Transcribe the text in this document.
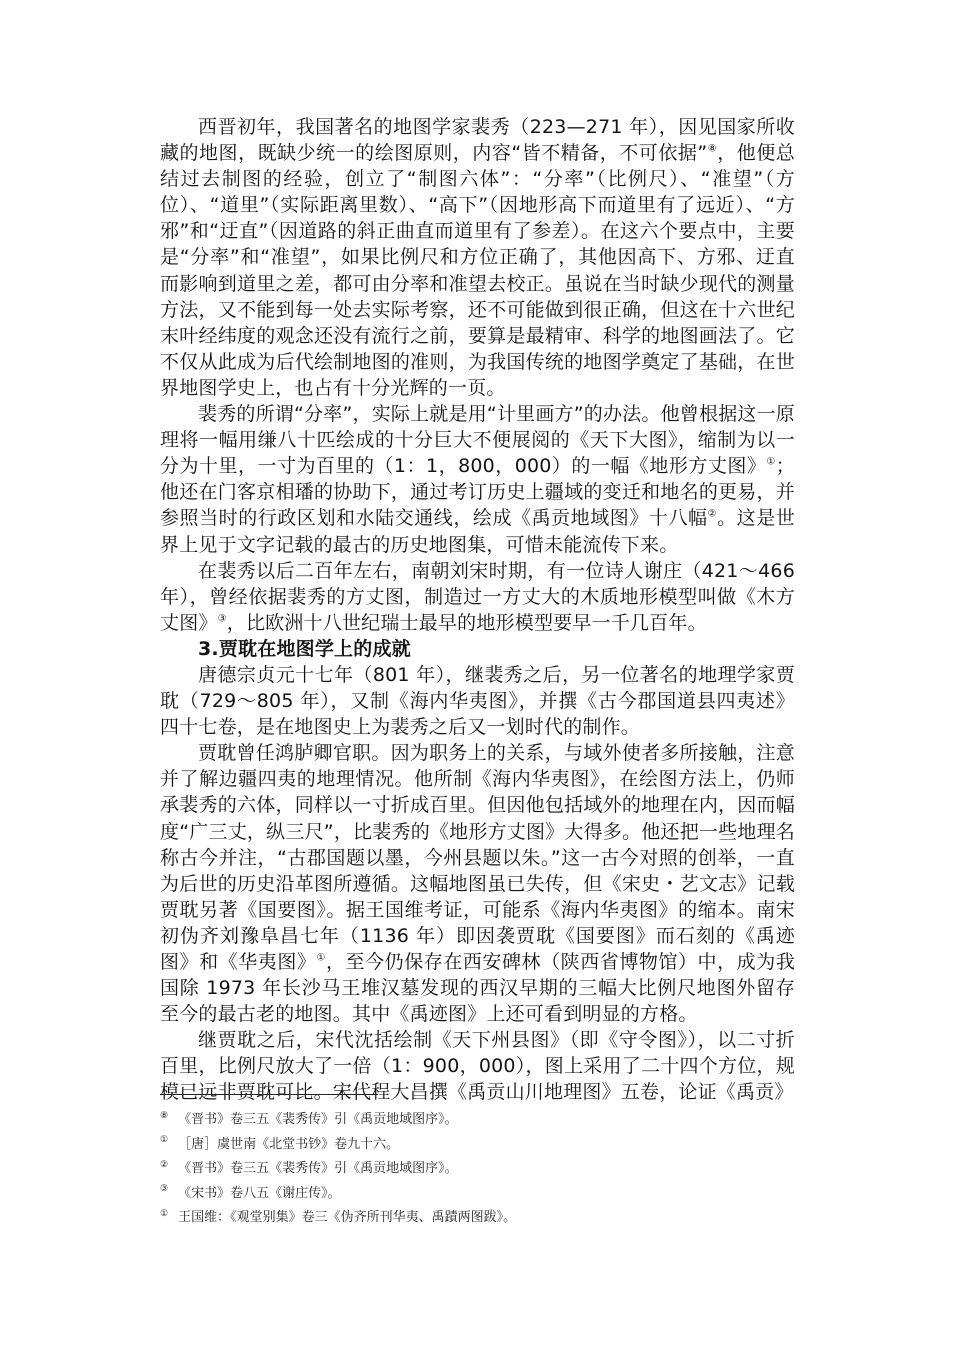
西晋初年，我国著名的地图学家裴秀（223—271 年），因见国家所收藏的地图，既缺少统一的绘图原则，内容“皆不精备，不可依据”⑧，他便总结过去制图的经验，创立了“制图六体”：“分率”（比例尺）、“准望”（方位）、“道里”（实际距离里数）、“高下”（因地形高下而道里有了远近）、“方邪”和“迂直”（因道路的斜正曲直而道里有了参差）。在这六个要点中，主要是“分率”和“准望”，如果比例尺和方位正确了，其他因高下、方邪、迂直而影响到道里之差，都可由分率和准望去校正。虽说在当时缺少现代的测量方法，又不能到每一处去实际考察，还不可能做到很正确，但这在十六世纪末叶经纬度的观念还没有流行之前，要算是最精审、科学的地图画法了。它不仅从此成为后代绘制地图的准则，为我国传统的地图学奠定了基础，在世界地图学史上，也占有十分光辉的一页。

裴秀的所谓“分率”，实际上就是用“计里画方”的办法。他曾根据这一原理将一幅用缣八十匹绘成的十分巨大不便展阅的《天下大图》，缩制为以一分为十里，一寸为百里的（1：1，800，000）的一幅《地形方丈图》①；他还在门客京相璠的协助下，通过考订历史上疆域的变迁和地名的更易，并参照当时的行政区划和水陆交通线，绘成《禹贡地域图》十八幅②。这是世界上见于文字记载的最古的历史地图集，可惜未能流传下来。

在裴秀以后二百年左右，南朝刘宋时期，有一位诗人谢庄（421～466 年），曾经依据裴秀的方丈图，制造过一方丈大的木质地形模型叫做《木方丈图》③，比欧洲十八世纪瑞士最早的地形模型要早一千几百年。

3.贾耽在地图学上的成就

唐德宗贞元十七年（801 年），继裴秀之后，另一位著名的地理学家贾耽（729～805 年），又制《海内华夷图》，并撰《古今郡国道县四夷述》四十七卷，是在地图史上为裴秀之后又一划时代的制作。

贾耽曾任鸿胪卿官职。因为职务上的关系，与域外使者多所接触，注意并了解边疆四夷的地理情况。他所制《海内华夷图》，在绘图方法上，仍师承裴秀的六体，同样以一寸折成百里。但因他包括域外的地理在内，因而幅度“广三丈，纵三尺”，比裴秀的《地形方丈图》大得多。他还把一些地理名称古今并注，“古郡国题以墨，今州县题以朱。”这一古今对照的创举，一直为后世的历史沿革图所遵循。这幅地图虽已失传，但《宋史・艺文志》记载贾耽另著《国要图》。据王国维考证，可能系《海内华夷图》的缩本。南宋初伪齐刘豫阜昌七年（1136 年）即因袭贾耽《国要图》而石刻的《禹迹图》和《华夷图》①，至今仍保存在西安碑林（陕西省博物馆）中，成为我国除 1973 年长沙马王堆汉墓发现的西汉早期的三幅大比例尺地图外留存至今的最古老的地图。其中《禹迹图》上还可看到明显的方格。

继贾耽之后，宋代沈括绘制《天下州县图》（即《守令图》），以二寸折百里，比例尺放大了一倍（1：900，000），图上采用了二十四个方位，规模已远非贾耽可比。宋代程大昌撰《禹贡山川地理图》五卷，论证《禹贡》

⑧ 《晋书》卷三五《裴秀传》引《禹贡地域图序》。

① ［唐］虞世南《北堂书钞》卷九十六。

② 《晋书》卷三五《裴秀传》引《禹贡地域图序》。

③ 《宋书》卷八五《谢庄传》。

① 王国维：《观堂别集》卷三《伪齐所刊华夷、禹蹟两图跋》。
